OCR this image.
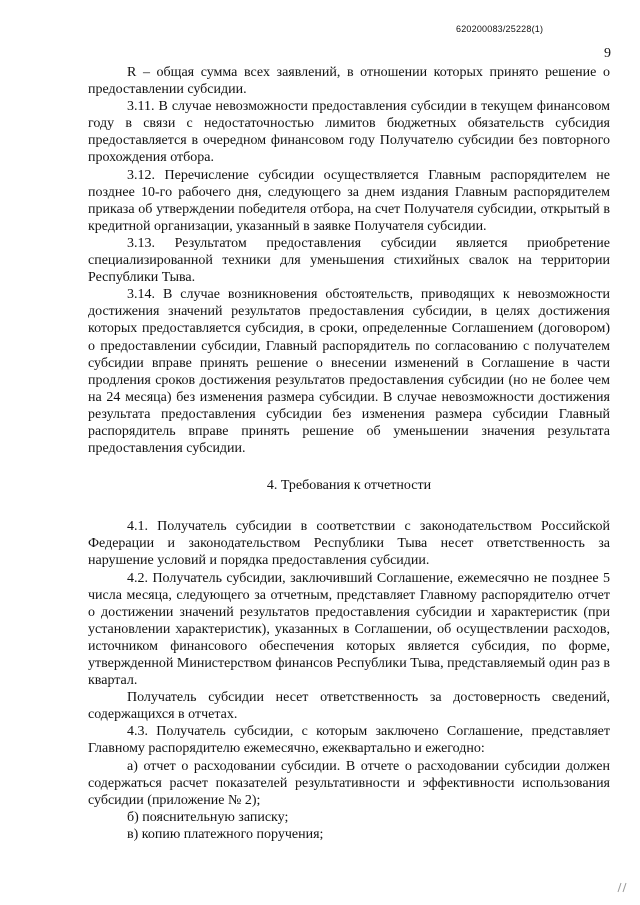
620200083/25228(1)
9

R – общая сумма всех заявлений, в отношении которых принято решение о предоставлении субсидии.

3.11. В случае невозможности предоставления субсидии в текущем финансовом году в связи с недостаточностью лимитов бюджетных обязательств субсидия предоставляется в очередном финансовом году Получателю субсидии без повторного прохождения отбора.

3.12. Перечисление субсидии осуществляется Главным распорядителем не позднее 10-го рабочего дня, следующего за днем издания Главным распорядителем приказа об утверждении победителя отбора, на счет Получателя субсидии, открытый в кредитной организации, указанный в заявке Получателя субсидии.

3.13. Результатом предоставления субсидии является приобретение специализированной техники для уменьшения стихийных свалок на территории Республики Тыва.

3.14. В случае возникновения обстоятельств, приводящих к невозможности достижения значений результатов предоставления субсидии, в целях достижения которых предоставляется субсидия, в сроки, определенные Соглашением (договором) о предоставлении субсидии, Главный распорядитель по согласованию с получателем субсидии вправе принять решение о внесении изменений в Соглашение в части продления сроков достижения результатов предоставления субсидии (но не более чем на 24 месяца) без изменения размера субсидии. В случае невозможности достижения результата предоставления субсидии без изменения размера субсидии Главный распорядитель вправе принять решение об уменьшении значения результата предоставления субсидии.

4. Требования к отчетности

4.1. Получатель субсидии в соответствии с законодательством Российской Федерации и законодательством Республики Тыва несет ответственность за нарушение условий и порядка предоставления субсидии.

4.2. Получатель субсидии, заключивший Соглашение, ежемесячно не позднее 5 числа месяца, следующего за отчетным, представляет Главному распорядителю отчет о достижении значений результатов предоставления субсидии и характеристик (при установлении характеристик), указанных в Соглашении, об осуществлении расходов, источником финансового обеспечения которых является субсидия, по форме, утвержденной Министерством финансов Республики Тыва, представляемый один раз в квартал.

Получатель субсидии несет ответственность за достоверность сведений, содержащихся в отчетах.

4.3. Получатель субсидии, с которым заключено Соглашение, представляет Главному распорядителю ежемесячно, ежеквартально и ежегодно:

а) отчет о расходовании субсидии. В отчете о расходовании субсидии должен содержаться расчет показателей результативности и эффективности использования субсидии (приложение № 2);

б) пояснительную записку;

в) копию платежного поручения;
